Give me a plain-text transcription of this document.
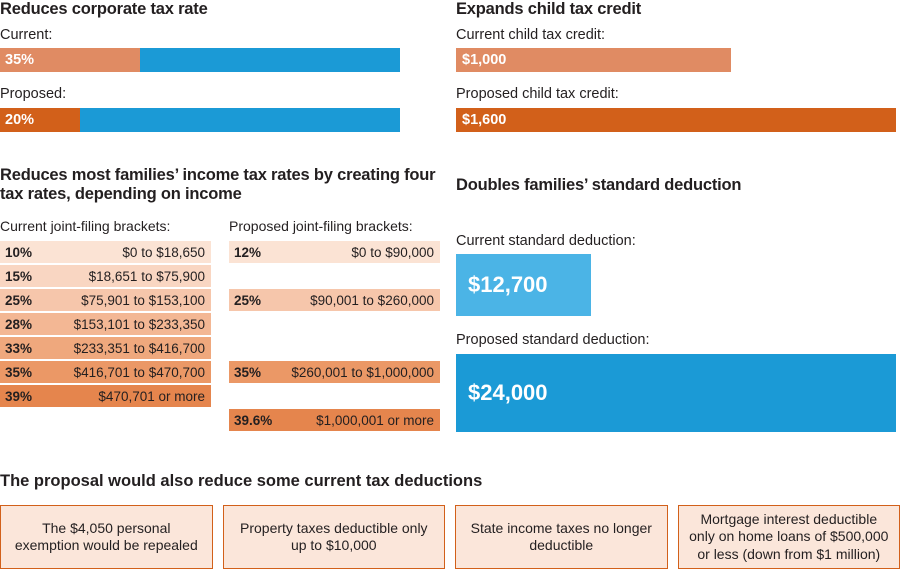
Reduces corporate tax rate
Current:
35%
Proposed:
20%
Reduces most families’ income tax rates by creating four tax rates, depending on income
Current joint-filing brackets:
10%	$0 to $18,650
15%	$18,651 to $75,900
25%	$75,901 to $153,100
28%	$153,101 to $233,350
33%	$233,351 to $416,700
35%	$416,701 to $470,700
39%	$470,701 or more
Proposed joint-filing brackets:
12%	$0 to $90,000
25%	$90,001 to $260,000
35% $260,001 to $1,000,000
39.6%	$1,000,001 or more
Expands child tax credit
Current child tax credit:
$1,000
Proposed child tax credit:
$1,600
Doubles families’ standard deduction
Current standard deduction:
$12,700
Proposed standard deduction:
$24,000
The proposal would also reduce some current tax deductions
The $4,050 personal exemption would be repealed
Property taxes deductible only up to $10,000
State income taxes no longer deductible
Mortgage interest deductible only on home loans of $500,000 or less (down from $1 million)
